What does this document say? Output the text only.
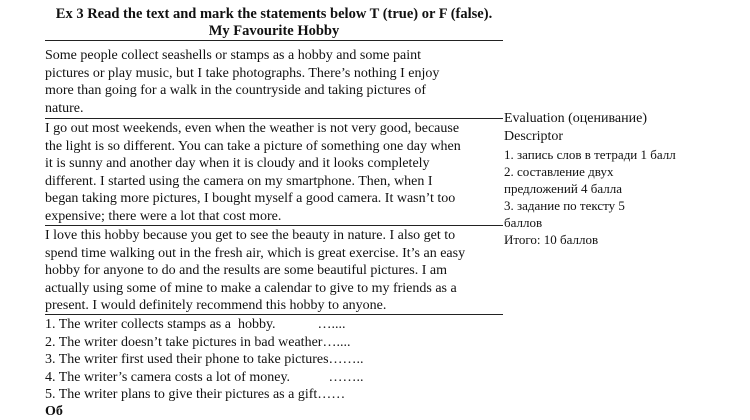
Ex 3 Read the text and mark the statements below T (true) or F (false).
My Favourite Hobby
Some people collect seashells or stamps as a hobby and some paint
pictures or play music, but I take photographs. There’s nothing I enjoy
more than going for a walk in the countryside and taking pictures of
nature.
I go out most weekends, even when the weather is not very good, because
the light is so different. You can take a picture of something one day when
it is sunny and another day when it is cloudy and it looks completely
different. I started using the camera on my smartphone. Then, when I
began taking more pictures, I bought myself a good camera. It wasn’t too
expensive; there were a lot that cost more.
I love this hobby because you get to see the beauty in nature. I also get to
spend time walking out in the fresh air, which is great exercise. It’s an easy
hobby for anyone to do and the results are some beautiful pictures. I am
actually using some of mine to make a calendar to give to my friends as a
present. I would definitely recommend this hobby to anyone.
Evaluation (оценивание)
Descriptor
1. запись слов в тетради 1 балл
2. составление двух
предложений 4 балла
3. задание по тексту 5
баллов
Итого: 10 баллов
1. The writer collects stamps as a  hobby.            …....
2. The writer doesn’t take pictures in bad weather…....
3. The writer first used their phone to take pictures……..
4. The writer’s camera costs a lot of money.           ……..
5. The writer plans to give their pictures as a gift……
Об
